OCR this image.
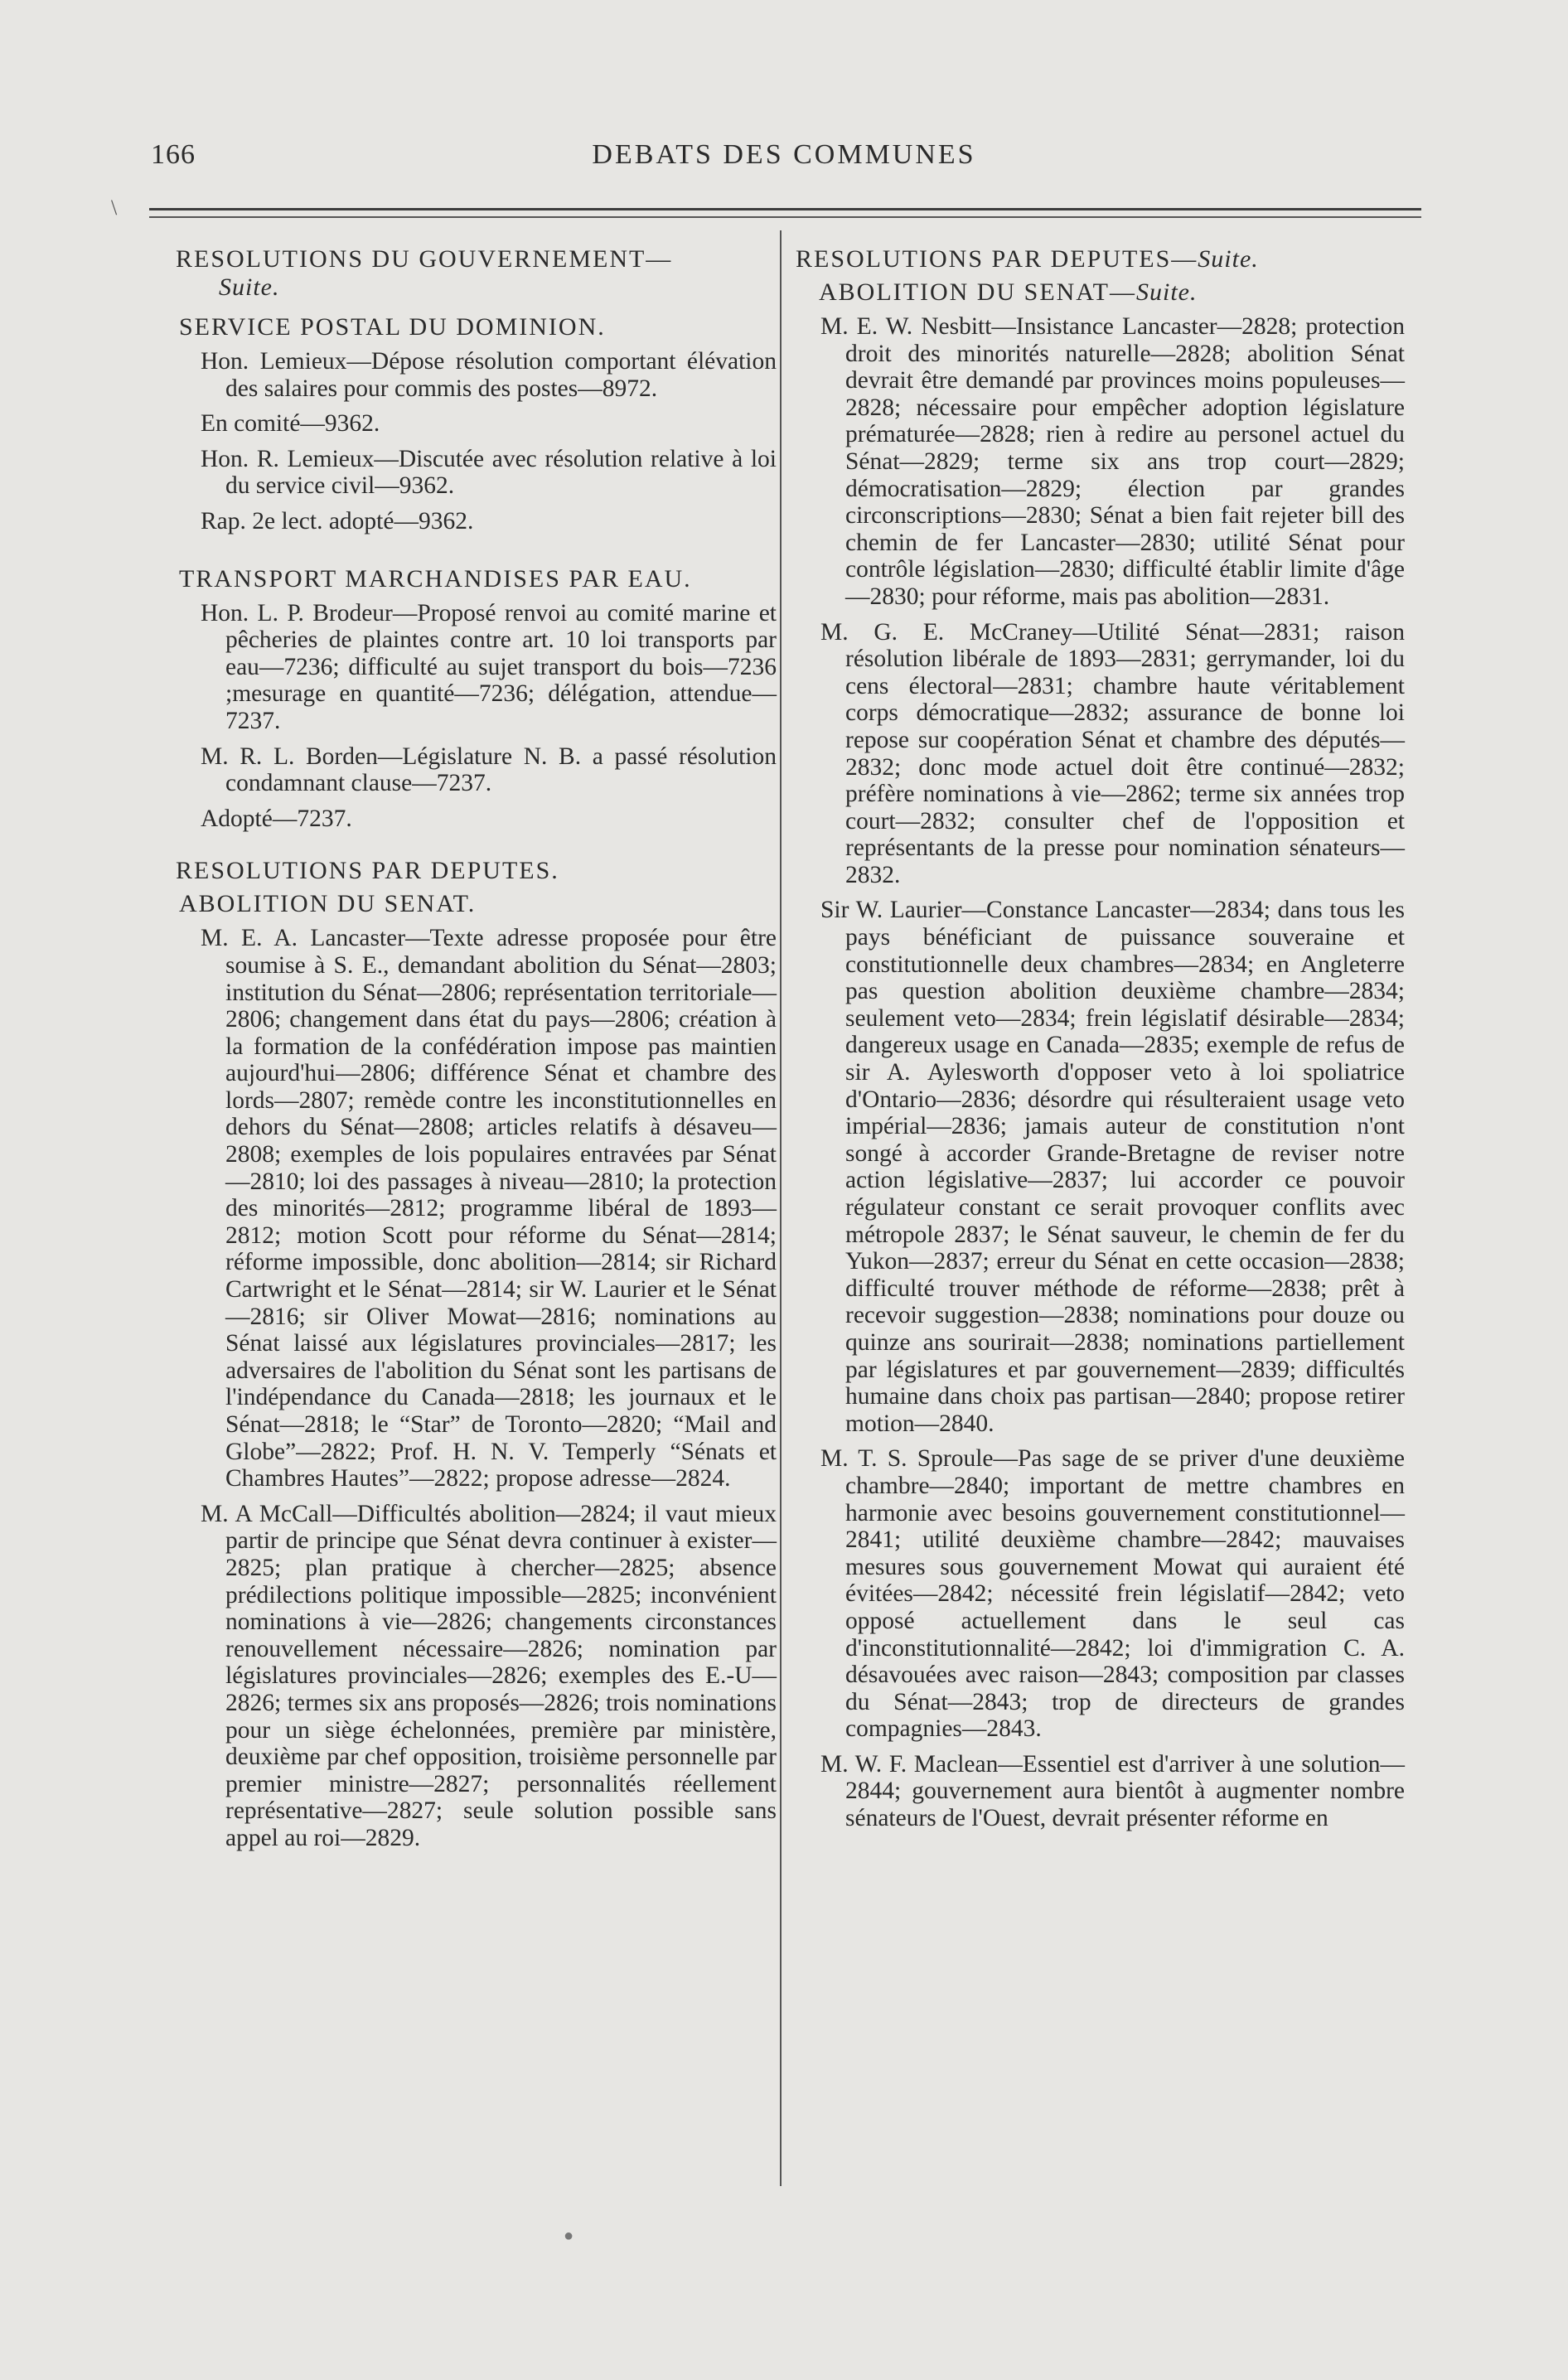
166	DEBATS DES COMMUNES
\
RESOLUTIONS DU GOUVERNEMENT—
Suite.
SERVICE POSTAL DU DOMINION.
Hon. Lemieux—Dépose résolution comportant élévation des salaires pour commis des postes—8972.
En comité—9362.
Hon. R. Lemieux—Discutée avec résolution relative à loi du service civil—9362.
Rap. 2e lect. adopté—9362.
TRANSPORT MARCHANDISES PAR EAU.
Hon. L. P. Brodeur—Proposé renvoi au comité marine et pêcheries de plaintes contre art. 10 loi transports par eau—7236; difficulté au sujet transport du bois—7236 ;mesurage en quantité—7236; délégation, attendue—7237.
M. R. L. Borden—Législature N. B. a passé résolution condamnant clause—7237.
Adopté—7237.
RESOLUTIONS PAR DEPUTES.
ABOLITION DU SENAT.
M. E. A. Lancaster—Texte adresse proposée pour être soumise à S. E., demandant abolition du Sénat—2803; institution du Sénat—2806; représentation territoriale—2806; changement dans état du pays—2806; création à la formation de la confédération impose pas maintien aujourd'hui—2806; différence Sénat et chambre des lords—2807; remède contre les inconstitutionnelles en dehors du Sénat—2808; articles relatifs à désaveu—2808; exemples de lois populaires entravées par Sénat—2810; loi des passages à niveau—2810; la protection des minorités—2812; programme libéral de 1893—2812; motion Scott pour réforme du Sénat—2814; réforme impossible, donc abolition—2814; sir Richard Cartwright et le Sénat—2814; sir W. Laurier et le Sénat—2816; sir Oliver Mowat—2816; nominations au Sénat laissé aux législatures provinciales—2817; les adversaires de l'abolition du Sénat sont les partisans de l'indépendance du Canada—2818; les journaux et le Sénat—2818; le “Star” de Toronto—2820; “Mail and Globe”—2822; Prof. H. N. V. Temperly “Sénats et Chambres Hautes”—2822; propose adresse—2824.
M. A McCall—Difficultés abolition—2824; il vaut mieux partir de principe que Sénat devra continuer à exister—2825; plan pratique à chercher—2825; absence prédilections politique impossible—2825; inconvénient nominations à vie—2826; changements circonstances renouvellement nécessaire—2826; nomination par législatures provinciales—2826; exemples des E.-U—2826; termes six ans proposés—2826; trois nominations pour un siège échelonnées, première par ministère, deuxième par chef opposition, troisième personnelle par premier ministre—2827; personnalités réellement représentative—2827; seule solution possible sans appel au roi—2829.
RESOLUTIONS PAR DEPUTES—Suite.
ABOLITION DU SENAT—Suite.
M. E. W. Nesbitt—Insistance Lancaster—2828; protection droit des minorités naturelle—2828; abolition Sénat devrait être demandé par provinces moins populeuses—2828; nécessaire pour empêcher adoption législature prématurée—2828; rien à redire au personel actuel du Sénat—2829; terme six ans trop court—2829; démocratisation—2829; élection par grandes circonscriptions—2830; Sénat a bien fait rejeter bill des chemin de fer Lancaster—2830; utilité Sénat pour contrôle législation—2830; difficulté établir limite d'âge—2830; pour réforme, mais pas abolition—2831.
M. G. E. McCraney—Utilité Sénat—2831; raison résolution libérale de 1893—2831; gerrymander, loi du cens électoral—2831; chambre haute véritablement corps démocratique—2832; assurance de bonne loi repose sur coopération Sénat et chambre des députés—2832; donc mode actuel doit être continué—2832; préfère nominations à vie—2862; terme six années trop court—2832; consulter chef de l'opposition et représentants de la presse pour nomination sénateurs—2832.
Sir W. Laurier—Constance Lancaster—2834; dans tous les pays bénéficiant de puissance souveraine et constitutionnelle deux chambres—2834; en Angleterre pas question abolition deuxième chambre—2834; seulement veto—2834; frein législatif désirable—2834; dangereux usage en Canada—2835; exemple de refus de sir A. Aylesworth d'opposer veto à loi spoliatrice d'Ontario—2836; désordre qui résulteraient usage veto impérial—2836; jamais auteur de constitution n'ont songé à accorder Grande-Bretagne de reviser notre action législative—2837; lui accorder ce pouvoir régulateur constant ce serait provoquer conflits avec métropole 2837; le Sénat sauveur, le chemin de fer du Yukon—2837; erreur du Sénat en cette occasion—2838; difficulté trouver méthode de réforme—2838; prêt à recevoir suggestion—2838; nominations pour douze ou quinze ans sourirait—2838; nominations partiellement par législatures et par gouvernement—2839; difficultés humaine dans choix pas partisan—2840; propose retirer motion—2840.
M. T. S. Sproule—Pas sage de se priver d'une deuxième chambre—2840; important de mettre chambres en harmonie avec besoins gouvernement constitutionnel—2841; utilité deuxième chambre—2842; mauvaises mesures sous gouvernement Mowat qui auraient été évitées—2842; nécessité frein législatif—2842; veto opposé actuellement dans le seul cas d'inconstitutionnalité—2842; loi d'immigration C. A. désavouées avec raison—2843; composition par classes du Sénat—2843; trop de directeurs de grandes compagnies—2843.
M. W. F. Maclean—Essentiel est d'arriver à une solution—2844; gouvernement aura bientôt à augmenter nombre sénateurs de l'Ouest, devrait présenter réforme en
●
